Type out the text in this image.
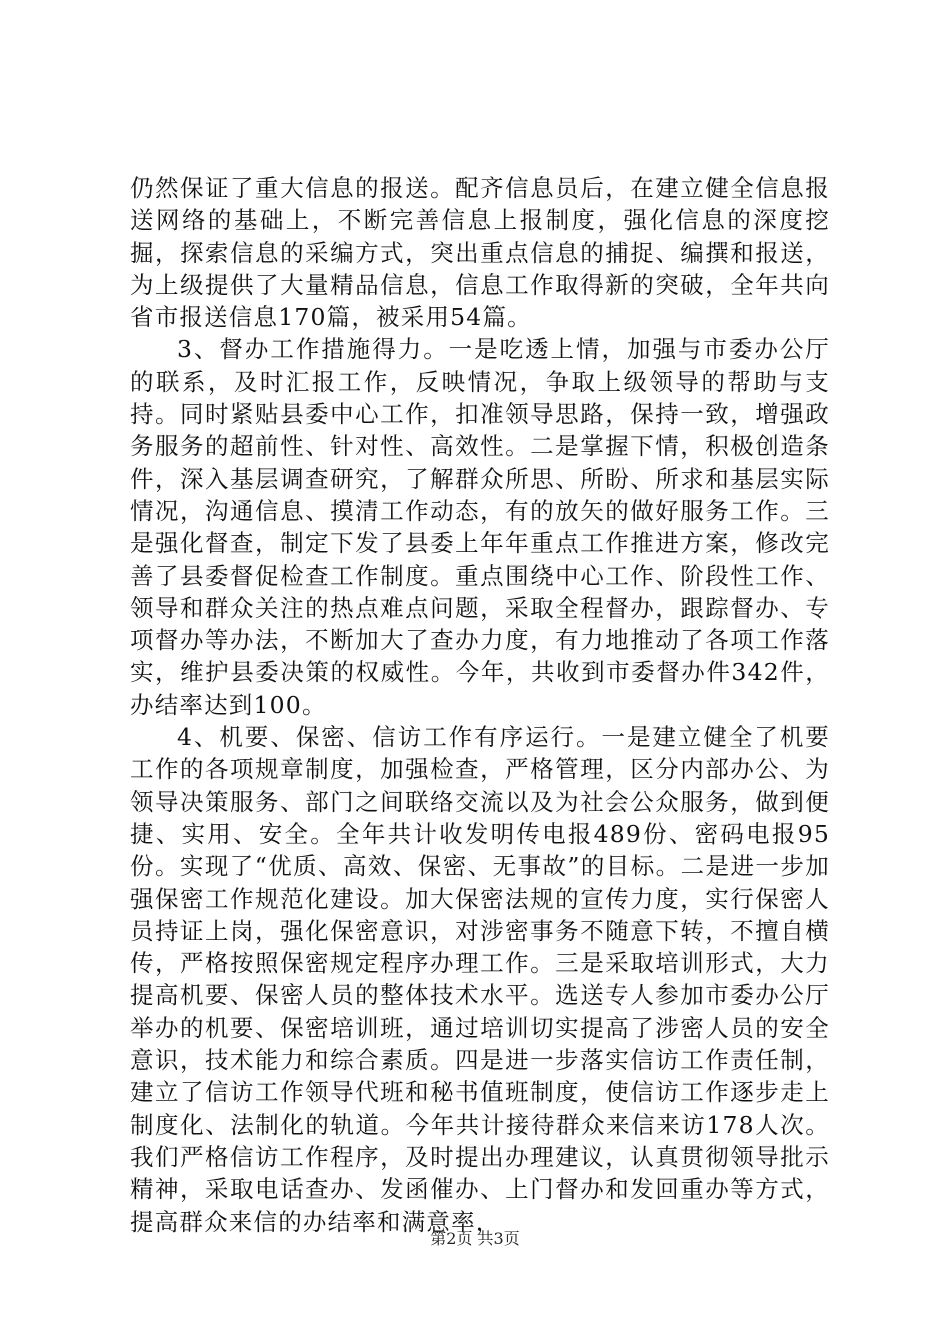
仍然保证了重大信息的报送。配齐信息员后，在建立健全信息报送网络的基础上，不断完善信息上报制度，强化信息的深度挖掘，探索信息的采编方式，突出重点信息的捕捉、编撰和报送，为上级提供了大量精品信息，信息工作取得新的突破，全年共向省市报送信息170篇，被采用54篇。

3、督办工作措施得力。一是吃透上情，加强与市委办公厅的联系，及时汇报工作，反映情况，争取上级领导的帮助与支持。同时紧贴县委中心工作，扣准领导思路，保持一致，增强政务服务的超前性、针对性、高效性。二是掌握下情，积极创造条件，深入基层调查研究，了解群众所思、所盼、所求和基层实际情况，沟通信息、摸清工作动态，有的放矢的做好服务工作。三是强化督查，制定下发了县委上年年重点工作推进方案，修改完善了县委督促检查工作制度。重点围绕中心工作、阶段性工作、领导和群众关注的热点难点问题，采取全程督办，跟踪督办、专项督办等办法，不断加大了查办力度，有力地推动了各项工作落实，维护县委决策的权威性。今年，共收到市委督办件342件，办结率达到100。

4、机要、保密、信访工作有序运行。一是建立健全了机要工作的各项规章制度，加强检查，严格管理，区分内部办公、为领导决策服务、部门之间联络交流以及为社会公众服务，做到便捷、实用、安全。全年共计收发明传电报489份、密码电报95份。实现了“优质、高效、保密、无事故”的目标。二是进一步加强保密工作规范化建设。加大保密法规的宣传力度，实行保密人员持证上岗，强化保密意识，对涉密事务不随意下转，不擅自横传，严格按照保密规定程序办理工作。三是采取培训形式，大力提高机要、保密人员的整体技术水平。选送专人参加市委办公厅举办的机要、保密培训班，通过培训切实提高了涉密人员的安全意识，技术能力和综合素质。四是进一步落实信访工作责任制，建立了信访工作领导代班和秘书值班制度，使信访工作逐步走上制度化、法制化的轨道。今年共计接待群众来信来访178人次。我们严格信访工作程序，及时提出办理建议，认真贯彻领导批示精神，采取电话查办、发函催办、上门督办和发回重办等方式，提高群众来信的办结率和满意率，

第2页 共3页
